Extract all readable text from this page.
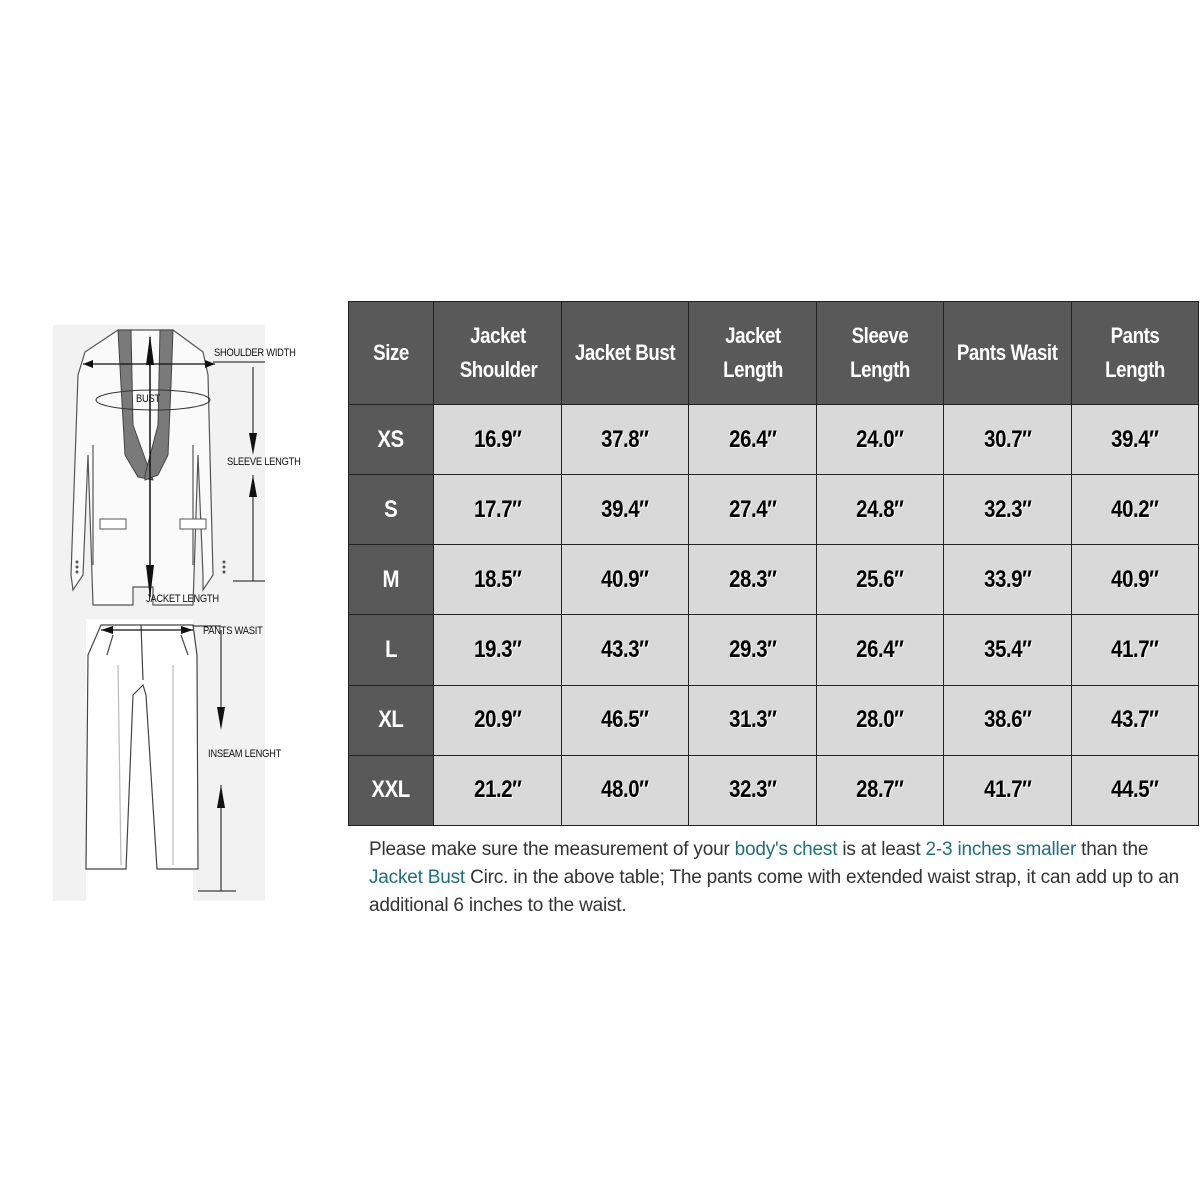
SHOULDER WIDTH
BUST
SLEEVE LENGTH
JACKET LENGTH
PANTS WASIT
INSEAM LENGHT
Size	Jacket Shoulder	Jacket Bust	Jacket Length	Sleeve Length	Pants Wasit	Pants Length
XS	16.9″	37.8″	26.4″	24.0″	30.7″	39.4″
S	17.7″	39.4″	27.4″	24.8″	32.3″	40.2″
M	18.5″	40.9″	28.3″	25.6″	33.9″	40.9″
L	19.3″	43.3″	29.3″	26.4″	35.4″	41.7″
XL	20.9″	46.5″	31.3″	28.0″	38.6″	43.7″
XXL	21.2″	48.0″	32.3″	28.7″	41.7″	44.5″
Please make sure the measurement of your body's chest is at least 2-3 inches smaller than the Jacket Bust Circ. in the above table; The pants come with extended waist strap, it can add up to an additional 6 inches to the waist.
